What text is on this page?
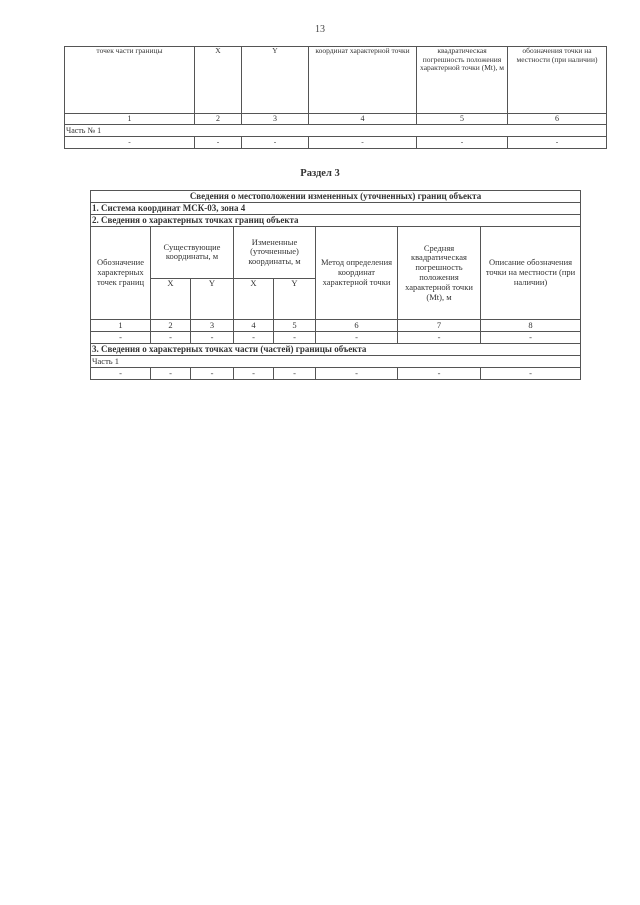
13
точек части границы	X	Y	координат характерной точки	квадратическая погрешность положения характерной точки (Mt), м	обозначения точки на местности (при наличии)
1	2	3	4	5	6
Часть № 1					
-	-	-	-	-	-
Раздел 3
Сведения о местоположении измененных (уточненных) границ объекта							
1. Система координат МСК-03, зона 4							
2. Сведения о характерных точках границ объекта							
Обозначение характерных точек границ	Существующие координаты, м		Измененные (уточненные) координаты, м		Метод определения координат характерной точки	Средняя квадратическая погрешность положения характерной точки (Mt), м	Описание обозначения точки на местности (при наличии)
	X	Y	X	Y			
1	2	3	4	5	6	7	8
-	-	-	-	-	-	-	-
3. Сведения о характерных точках части (частей) границы объекта							
Часть 1							
-	-	-	-	-	-	-	-
